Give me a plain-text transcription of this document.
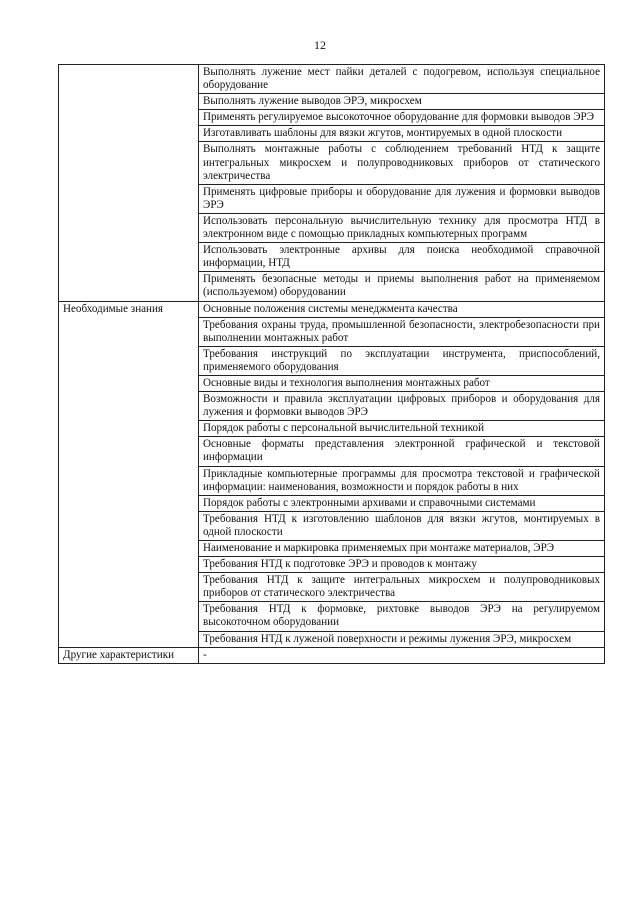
12
	Выполнять лужение мест пайки деталей с подогревом, используя специальное оборудование
	Выполнять лужение выводов ЭРЭ, микросхем
	Применять регулируемое высокоточное оборудование для формовки выводов ЭРЭ
	Изготавливать шаблоны для вязки жгутов, монтируемых в одной плоскости
	Выполнять монтажные работы с соблюдением требований НТД к защите интегральных микросхем и полупроводниковых приборов от статического электричества
	Применять цифровые приборы и оборудование для лужения и формовки выводов ЭРЭ
	Использовать персональную вычислительную технику для просмотра НТД в электронном виде с помощью прикладных компьютерных программ
	Использовать электронные архивы для поиска необходимой справочной информации, НТД
	Применять безопасные методы и приемы выполнения работ на применяемом (используемом) оборудовании
Необходимые знания	Основные положения системы менеджмента качества
	Требования охраны труда, промышленной безопасности, электробезопасности при выполнении монтажных работ
	Требования инструкций по эксплуатации инструмента, приспособлений, применяемого оборудования
	Основные виды и технология выполнения монтажных работ
	Возможности и правила эксплуатации цифровых приборов и оборудования для лужения и формовки выводов ЭРЭ
	Порядок работы с персональной вычислительной техникой
	Основные форматы представления электронной графической и текстовой информации
	Прикладные компьютерные программы для просмотра текстовой и графической информации: наименования, возможности и порядок работы в них
	Порядок работы с электронными архивами и справочными системами
	Требования НТД к изготовлению шаблонов для вязки жгутов, монтируемых в одной плоскости
	Наименование и маркировка применяемых при монтаже материалов, ЭРЭ
	Требования НТД к подготовке ЭРЭ и проводов к монтажу
	Требования НТД к защите интегральных микросхем и полупроводниковых приборов от статического электричества
	Требования НТД к формовке, рихтовке выводов ЭРЭ на регулируемом высокоточном оборудовании
	Требования НТД к луженой поверхности и режимы лужения ЭРЭ, микросхем
Другие характеристики	-
